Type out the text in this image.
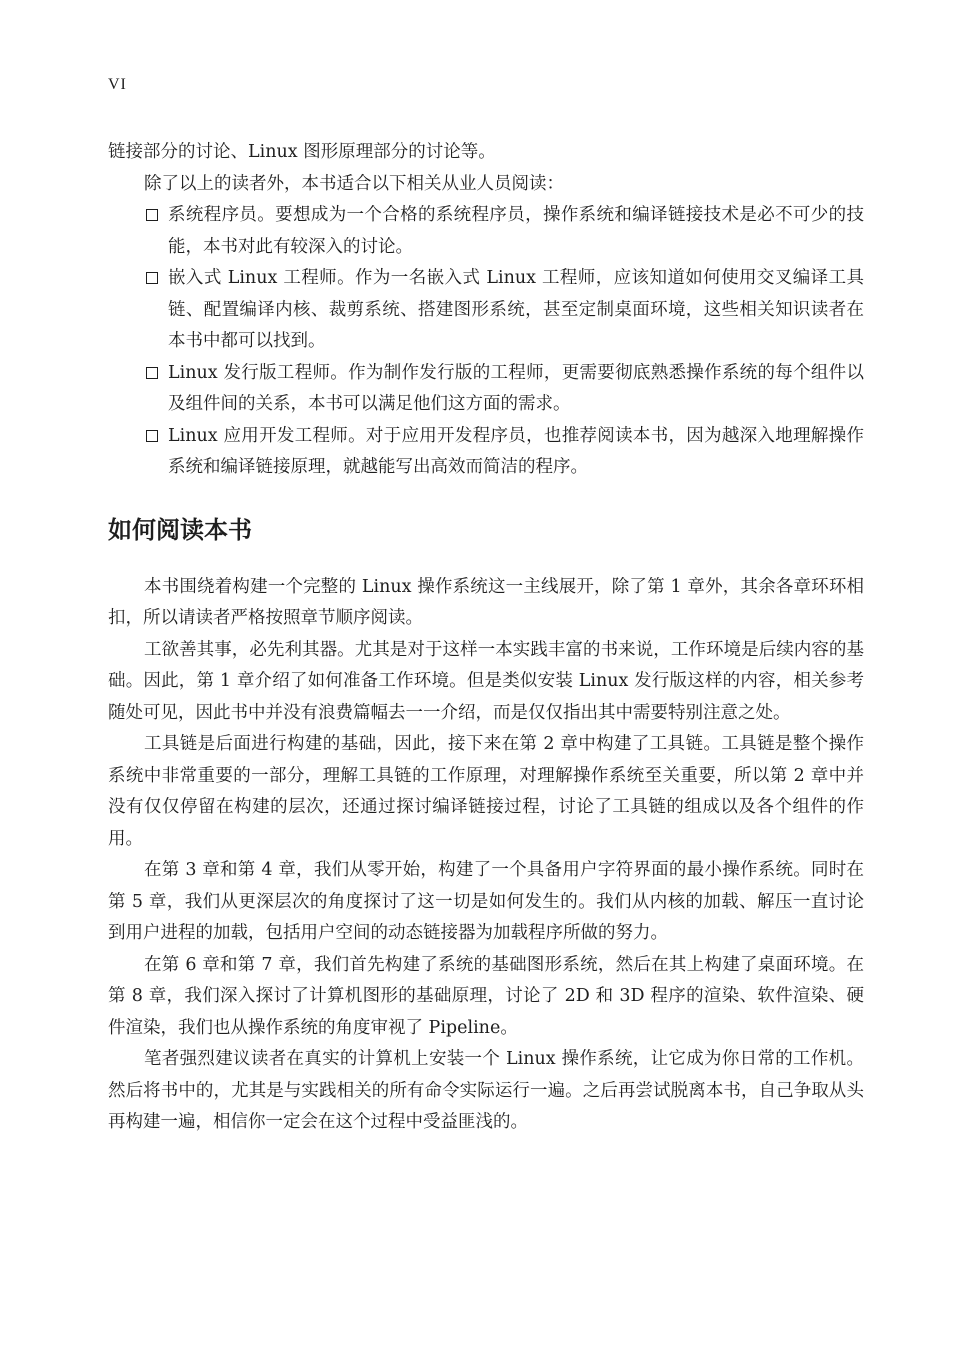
VI

链接部分的讨论、Linux 图形原理部分的讨论等。

除了以上的读者外，本书适合以下相关从业人员阅读：

系统程序员。要想成为一个合格的系统程序员，操作系统和编译链接技术是必不可少的技能，本书对此有较深入的讨论。
嵌入式 Linux 工程师。作为一名嵌入式 Linux 工程师，应该知道如何使用交叉编译工具链、配置编译内核、裁剪系统、搭建图形系统，甚至定制桌面环境，这些相关知识读者在本书中都可以找到。
Linux 发行版工程师。作为制作发行版的工程师，更需要彻底熟悉操作系统的每个组件以及组件间的关系，本书可以满足他们这方面的需求。
Linux 应用开发工程师。对于应用开发程序员，也推荐阅读本书，因为越深入地理解操作系统和编译链接原理，就越能写出高效而简洁的程序。
如何阅读本书

本书围绕着构建一个完整的 Linux 操作系统这一主线展开，除了第 1 章外，其余各章环环相扣，所以请读者严格按照章节顺序阅读。

工欲善其事，必先利其器。尤其是对于这样一本实践丰富的书来说，工作环境是后续内容的基础。因此，第 1 章介绍了如何准备工作环境。但是类似安装 Linux 发行版这样的内容，相关参考随处可见，因此书中并没有浪费篇幅去一一介绍，而是仅仅指出其中需要特别注意之处。

工具链是后面进行构建的基础，因此，接下来在第 2 章中构建了工具链。工具链是整个操作系统中非常重要的一部分，理解工具链的工作原理，对理解操作系统至关重要，所以第 2 章中并没有仅仅停留在构建的层次，还通过探讨编译链接过程，讨论了工具链的组成以及各个组件的作用。

在第 3 章和第 4 章，我们从零开始，构建了一个具备用户字符界面的最小操作系统。同时在第 5 章，我们从更深层次的角度探讨了这一切是如何发生的。我们从内核的加载、解压一直讨论到用户进程的加载，包括用户空间的动态链接器为加载程序所做的努力。

在第 6 章和第 7 章，我们首先构建了系统的基础图形系统，然后在其上构建了桌面环境。在第 8 章，我们深入探讨了计算机图形的基础原理，讨论了 2D 和 3D 程序的渲染、软件渲染、硬件渲染，我们也从操作系统的角度审视了 Pipeline。

笔者强烈建议读者在真实的计算机上安装一个 Linux 操作系统，让它成为你日常的工作机。然后将书中的，尤其是与实践相关的所有命令实际运行一遍。之后再尝试脱离本书，自己争取从头再构建一遍，相信你一定会在这个过程中受益匪浅的。
